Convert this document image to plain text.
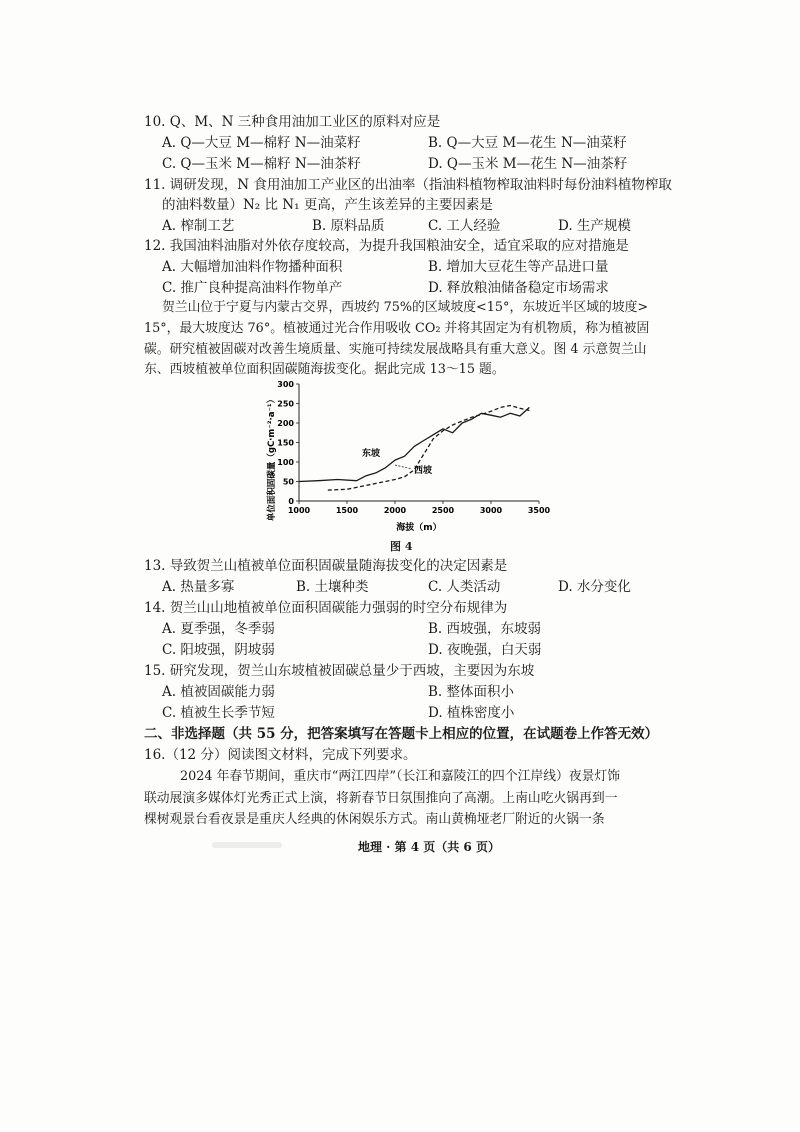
10. Q、M、N 三种食用油加工业区的原料对应是
A. Q—大豆 M—棉籽 N—油菜籽	B. Q—大豆 M—花生 N—油菜籽
C. Q—玉米 M—棉籽 N—油茶籽	D. Q—玉米 M—花生 N—油茶籽
11. 调研发现，N 食用油加工产业区的出油率（指油料植物榨取油料时每份油料植物榨取
的油料数量）N₂ 比 N₁ 更高，产生该差异的主要因素是
A. 榨制工艺	B. 原料品质	C. 工人经验	D. 生产规模
12. 我国油料油脂对外依存度较高，为提升我国粮油安全，适宜采取的应对措施是
A. 大幅增加油料作物播种面积	B. 增加大豆花生等产品进口量
C. 推广良种提高油料作物单产	D. 释放粮油储备稳定市场需求
贺兰山位于宁夏与内蒙古交界，西坡约 75%的区域坡度<15°，东坡近半区域的坡度>
15°，最大坡度达 76°。植被通过光合作用吸收 CO₂ 并将其固定为有机物质，称为植被固
碳。研究植被固碳对改善生境质量、实施可持续发展战略具有重大意义。图 4 示意贺兰山
东、西坡植被单位面积固碳随海拔变化。据此完成 13～15 题。
1000	1500	2000	2500	3000	3500
0
50
100
150
200
250
300
单位面积固碳量（gC·m⁻²·a⁻¹）
海拔（m）
东坡
西坡
图 4
13. 导致贺兰山植被单位面积固碳量随海拔变化的决定因素是
A. 热量多寡	B. 土壤种类	C. 人类活动	D. 水分变化
14. 贺兰山山地植被单位面积固碳能力强弱的时空分布规律为
A. 夏季强，冬季弱	B. 西坡强，东坡弱
C. 阳坡强，阴坡弱	D. 夜晚强，白天弱
15. 研究发现，贺兰山东坡植被固碳总量少于西坡，主要因为东坡
A. 植被固碳能力弱	B. 整体面积小
C. 植被生长季节短	D. 植株密度小
二、非选择题（共 55 分，把答案填写在答题卡上相应的位置，在试题卷上作答无效）
16.（12 分）阅读图文材料，完成下列要求。
2024 年春节期间，重庆市“两江四岸”（长江和嘉陵江的四个江岸线）夜景灯饰
联动展演多媒体灯光秀正式上演，将新春节日氛围推向了高潮。上南山吃火锅再到一
棵树观景台看夜景是重庆人经典的休闲娱乐方式。南山黄桷垭老厂附近的火锅一条
地理 · 第 4 页（共 6 页）
